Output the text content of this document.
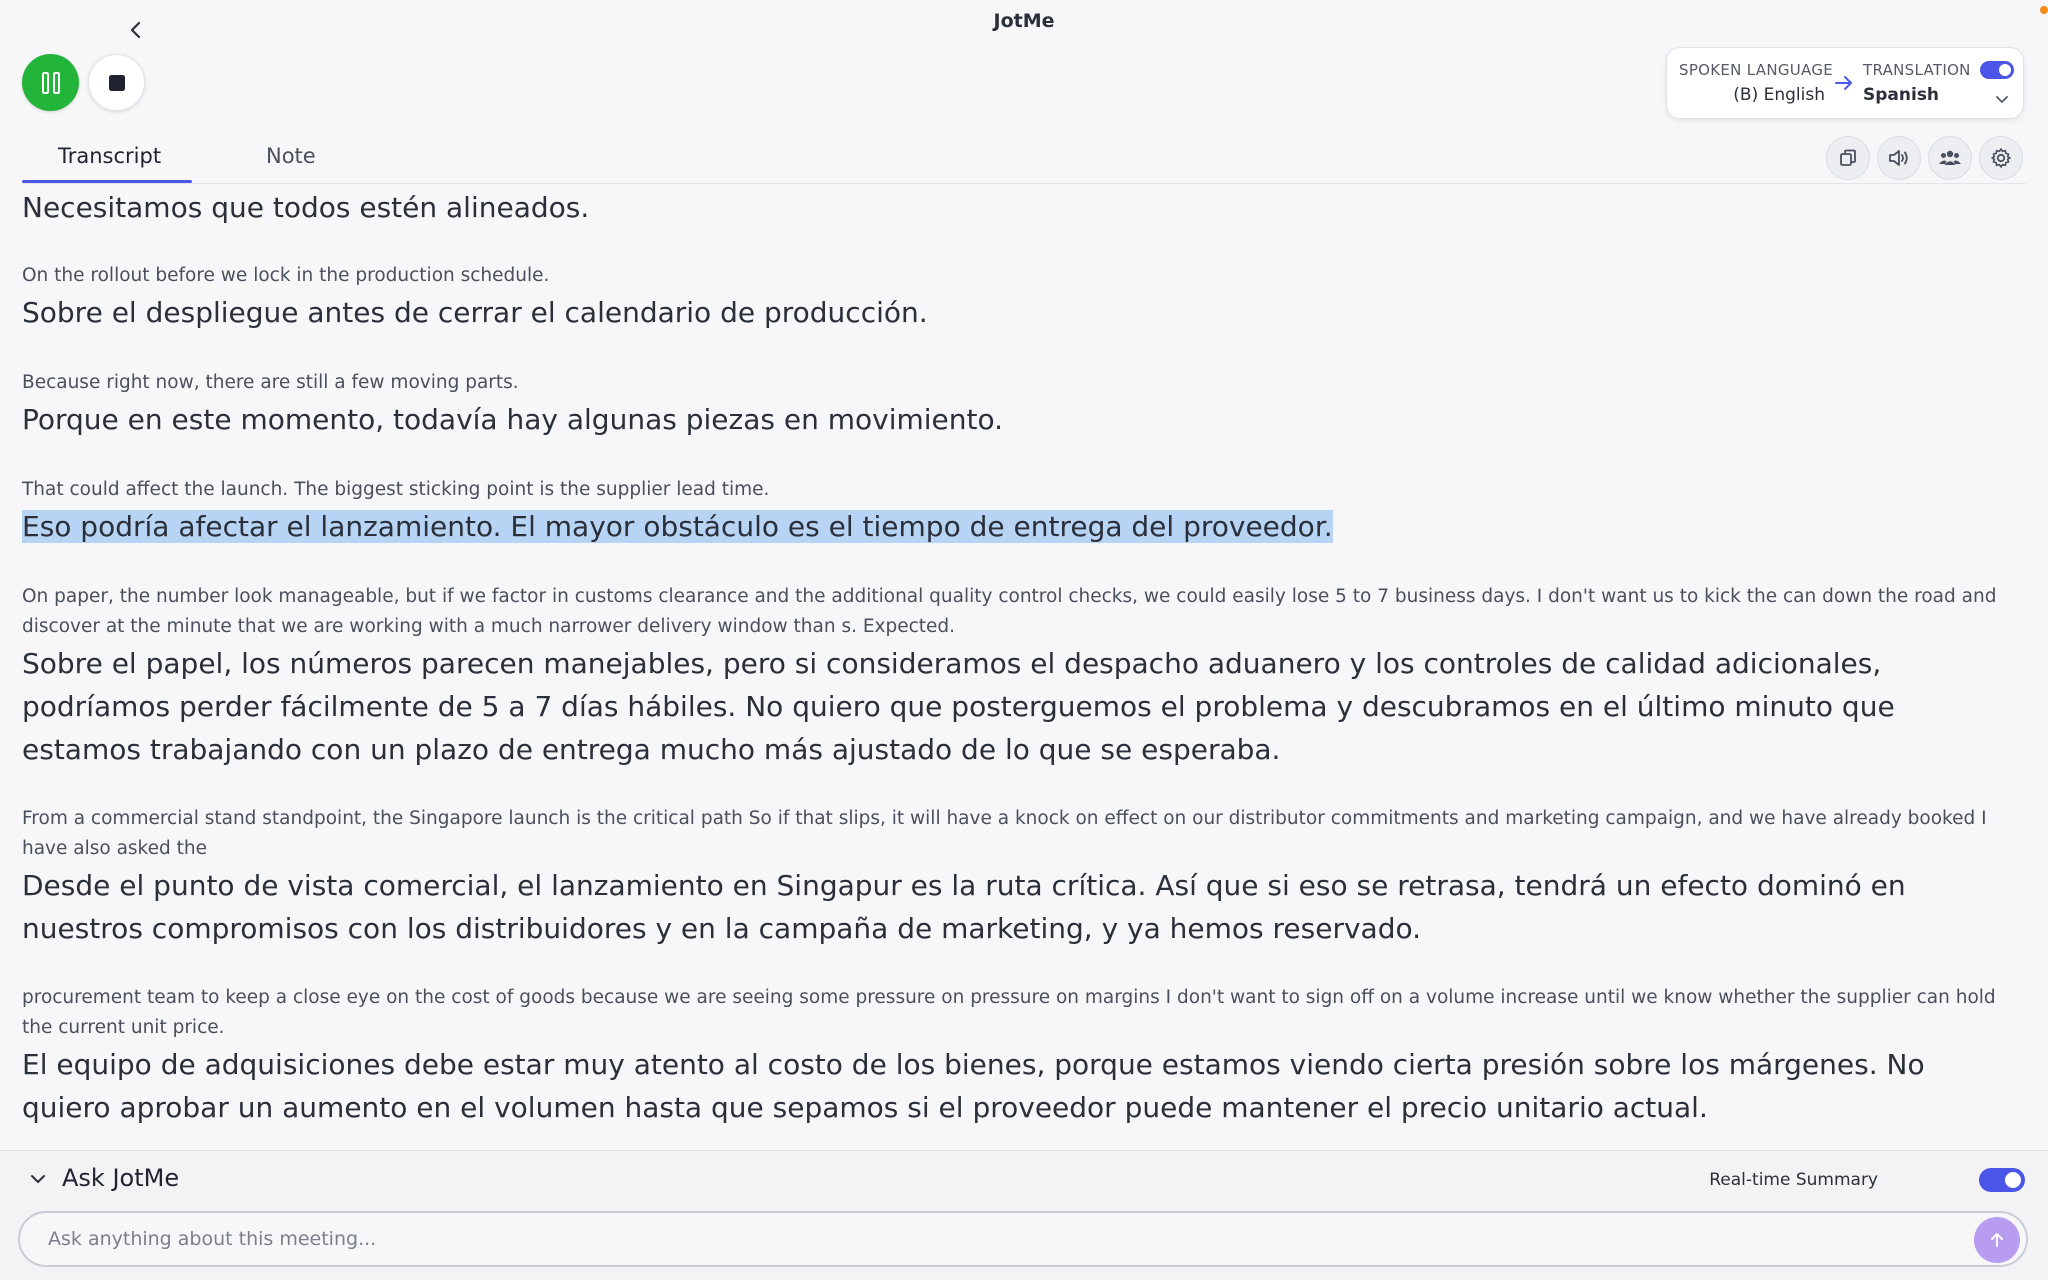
JotMe
SPOKEN LANGUAGE
(B) English
TRANSLATION
Spanish
Transcript	Note
Necesitamos que todos estén alineados.
On the rollout before we lock in the production schedule.
Sobre el despliegue antes de cerrar el calendario de producción.
Because right now, there are still a few moving parts.
Porque en este momento, todavía hay algunas piezas en movimiento.
That could affect the launch. The biggest sticking point is the supplier lead time.
Eso podría afectar el lanzamiento. El mayor obstáculo es el tiempo de entrega del proveedor.
On paper, the number look manageable, but if we factor in customs clearance and the additional quality control checks, we could easily lose 5 to 7 business days. I don't want us to kick the can down the road and discover at the minute that we are working with a much narrower delivery window than s. Expected.
Sobre el papel, los números parecen manejables, pero si consideramos el despacho aduanero y los controles de calidad adicionales, podríamos perder fácilmente de 5 a 7 días hábiles. No quiero que posterguemos el problema y descubramos en el último minuto que estamos trabajando con un plazo de entrega mucho más ajustado de lo que se esperaba.
From a commercial stand standpoint, the Singapore launch is the critical path So if that slips, it will have a knock on effect on our distributor commitments and marketing campaign, and we have already booked I have also asked the
Desde el punto de vista comercial, el lanzamiento en Singapur es la ruta crítica. Así que si eso se retrasa, tendrá un efecto dominó en nuestros compromisos con los distribuidores y en la campaña de marketing, y ya hemos reservado.
procurement team to keep a close eye on the cost of goods because we are seeing some pressure on pressure on margins I don't want to sign off on a volume increase until we know whether the supplier can hold the current unit price.
El equipo de adquisiciones debe estar muy atento al costo de los bienes, porque estamos viendo cierta presión sobre los márgenes. No quiero aprobar un aumento en el volumen hasta que sepamos si el proveedor puede mantener el precio unitario actual.
Ask JotMe	Real-time Summary
Ask anything about this meeting...
